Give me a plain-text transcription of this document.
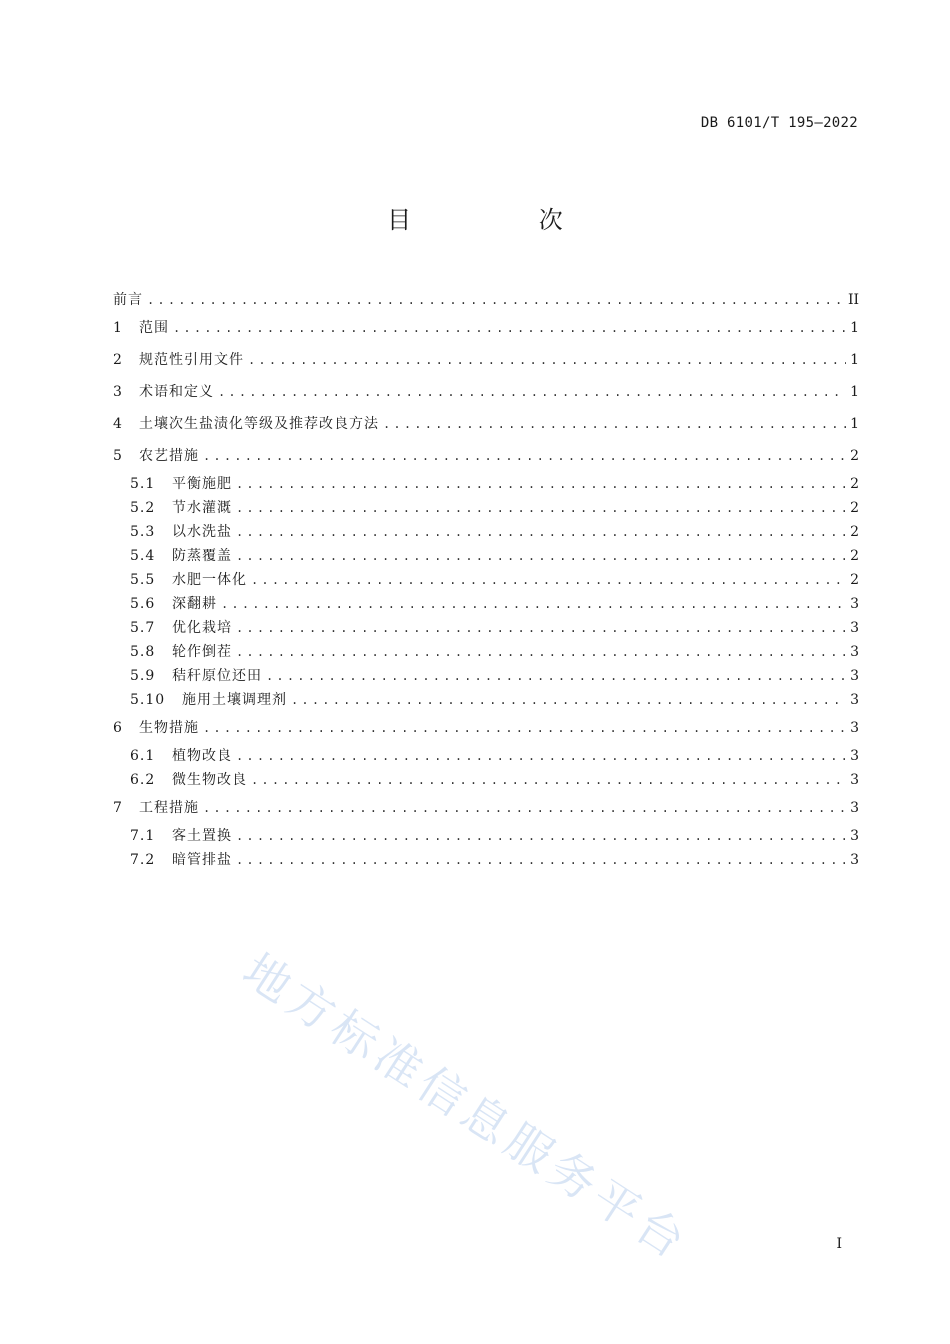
DB 6101/T 195—2022
目 次
前言 .....	II
1	范围 .....	1
2	规范性引用文件 .....	1
3	术语和定义 .....	1
4	土壤次生盐渍化等级及推荐改良方法 .....	1
5	农艺措施 .....	2
5.1	平衡施肥 .....	2
5.2	节水灌溉 .....	2
5.3	以水洗盐 .....	2
5.4	防蒸覆盖 .....	2
5.5	水肥一体化 .....	2
5.6	深翻耕 .....	3
5.7	优化栽培 .....	3
5.8	轮作倒茬 .....	3
5.9	秸秆原位还田 .....	3
5.10	施用土壤调理剂 .....	3
6	生物措施 .....	3
6.1	植物改良 .....	3
6.2	微生物改良 .....	3
7	工程措施 .....	3
7.1	客土置换 .....	3
7.2	暗管排盐 .....	3
I
地方标准信息服务平台
